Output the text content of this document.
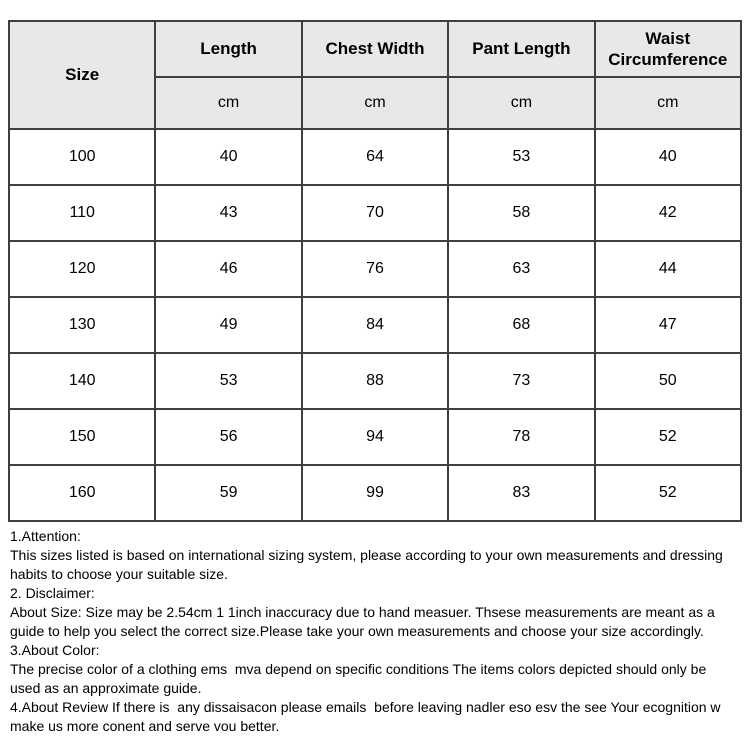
Size	Length	Chest Width	Pant Length	Waist Circumference
	cm	cm	cm	cm
100	40	64	53	40
110	43	70	58	42
120	46	76	63	44
130	49	84	68	47
140	53	88	73	50
150	56	94	78	52
160	59	99	83	52

1.Attention:

This sizes listed is based on international sizing system, please according to your own measurements and dressing habits to choose your suitable size.

2. Disclaimer:

About Size: Size may be 2.54cm 1 1inch inaccuracy due to hand measuer. Thsese measurements are meant as a guide to help you select the correct size.Please take your own measurements and choose your size accordingly.

3.About Color:

The precise color of a clothing ems  mva depend on specific conditions The items colors depicted should only be   used as an approximate guide.

4.About Review If there is  any dissaisacon please emails  before leaving nadler eso esv the see Your ecognition w make us more conent and serve vou better.
